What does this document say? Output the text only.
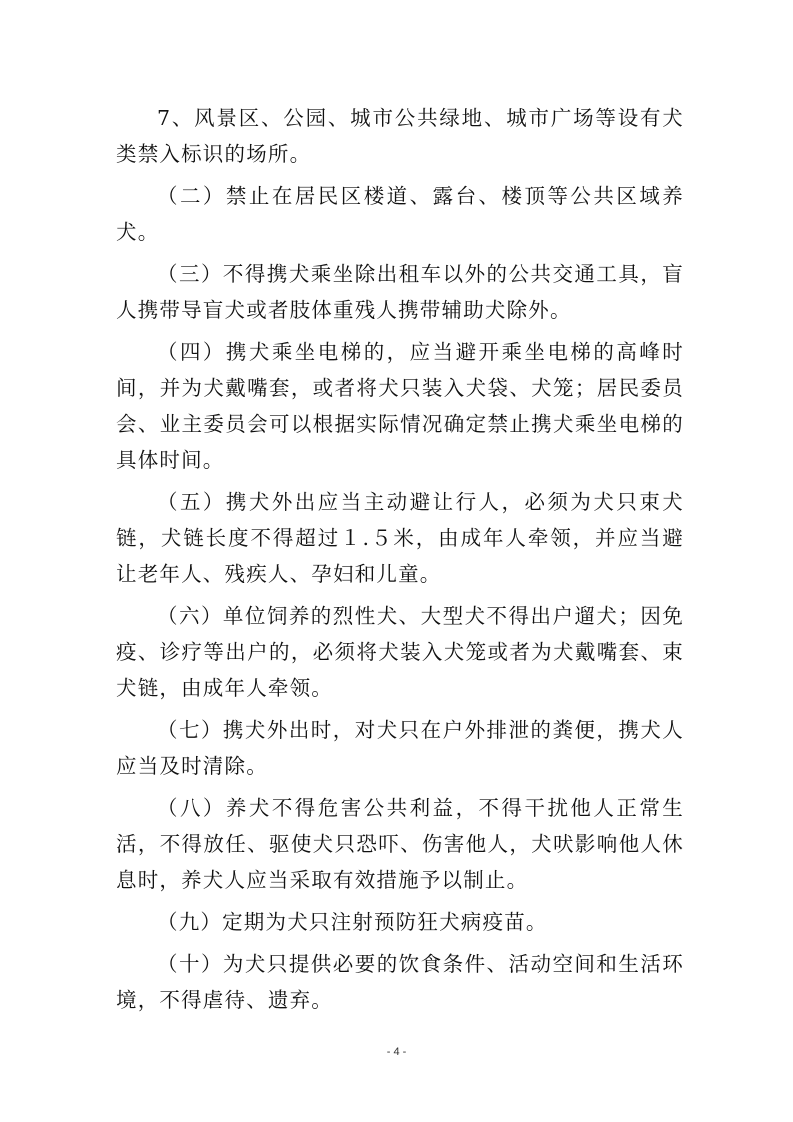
7、风景区、公园、城市公共绿地、城市广场等设有犬类禁入标识的场所。

（二）禁止在居民区楼道、露台、楼顶等公共区域养犬。

（三）不得携犬乘坐除出租车以外的公共交通工具，盲人携带导盲犬或者肢体重残人携带辅助犬除外。

（四）携犬乘坐电梯的，应当避开乘坐电梯的高峰时间，并为犬戴嘴套，或者将犬只装入犬袋、犬笼；居民委员会、业主委员会可以根据实际情况确定禁止携犬乘坐电梯的具体时间。

（五）携犬外出应当主动避让行人，必须为犬只束犬链，犬链长度不得超过１.５米，由成年人牵领，并应当避让老年人、残疾人、孕妇和儿童。

（六）单位饲养的烈性犬、大型犬不得出户遛犬；因免疫、诊疗等出户的，必须将犬装入犬笼或者为犬戴嘴套、束犬链，由成年人牵领。

（七）携犬外出时，对犬只在户外排泄的粪便，携犬人应当及时清除。

（八）养犬不得危害公共利益，不得干扰他人正常生活，不得放任、驱使犬只恐吓、伤害他人，犬吠影响他人休息时，养犬人应当采取有效措施予以制止。

（九）定期为犬只注射预防狂犬病疫苗。

（十）为犬只提供必要的饮食条件、活动空间和生活环境，不得虐待、遗弃。

- 4 -
